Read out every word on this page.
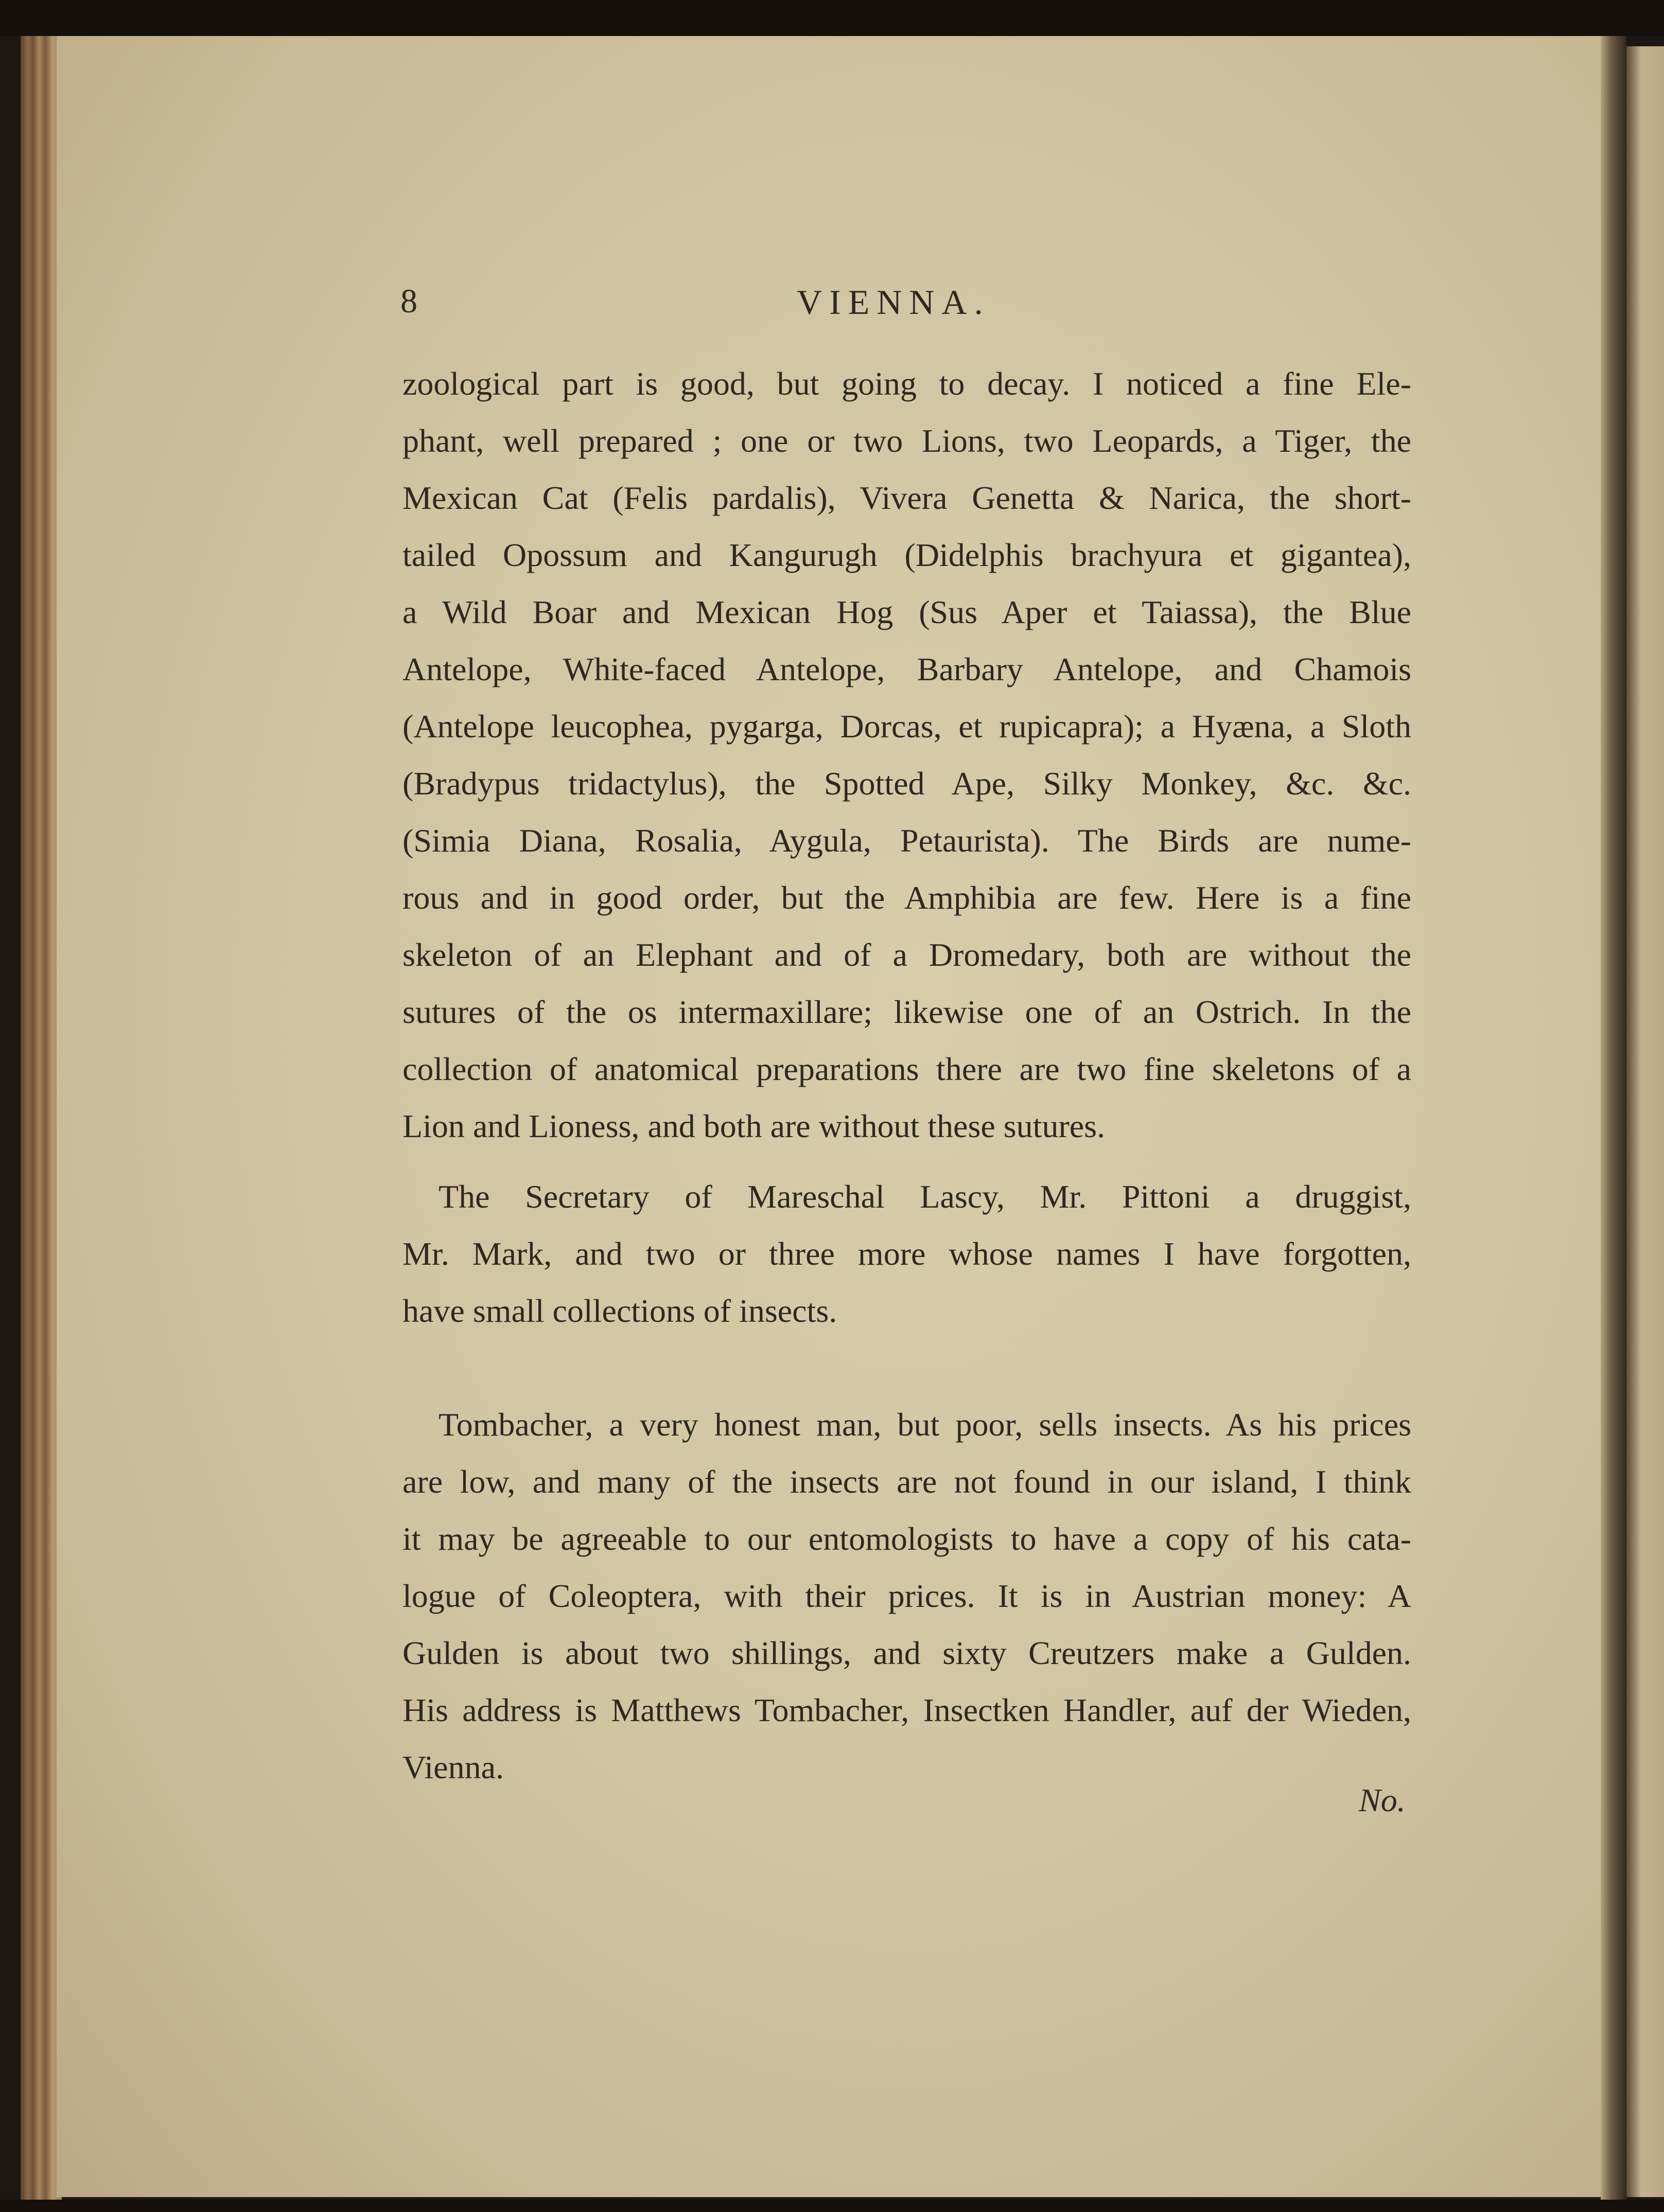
8	VIENNA.
zoological part is good, but going to decay. I noticed a fine Ele-
phant, well prepared ; one or two Lions, two Leopards, a Tiger, the
Mexican Cat (Felis pardalis), Vivera Genetta & Narica, the short-
tailed Opossum and Kangurugh (Didelphis brachyura et gigantea),
a Wild Boar and Mexican Hog (Sus Aper et Taiassa), the Blue
Antelope, White-faced Antelope, Barbary Antelope, and Chamois
(Antelope leucophea, pygarga, Dorcas, et rupicapra); a Hyæna, a Sloth
(Bradypus tridactylus), the Spotted Ape, Silky Monkey, &c. &c.
(Simia Diana, Rosalia, Aygula, Petaurista). The Birds are nume-
rous and in good order, but the Amphibia are few. Here is a fine
skeleton of an Elephant and of a Dromedary, both are without the
sutures of the os intermaxillare; likewise one of an Ostrich. In the
collection of anatomical preparations there are two fine skeletons of a
Lion and Lioness, and both are without these sutures.
The Secretary of Mareschal Lascy, Mr. Pittoni a druggist,
Mr. Mark, and two or three more whose names I have forgotten,
have small collections of insects.
Tombacher, a very honest man, but poor, sells insects. As his prices
are low, and many of the insects are not found in our island, I think
it may be agreeable to our entomologists to have a copy of his cata-
logue of Coleoptera, with their prices. It is in Austrian money: A
Gulden is about two shillings, and sixty Creutzers make a Gulden.
His address is Matthews Tombacher, Insectken Handler, auf der Wieden,
Vienna.
No.
